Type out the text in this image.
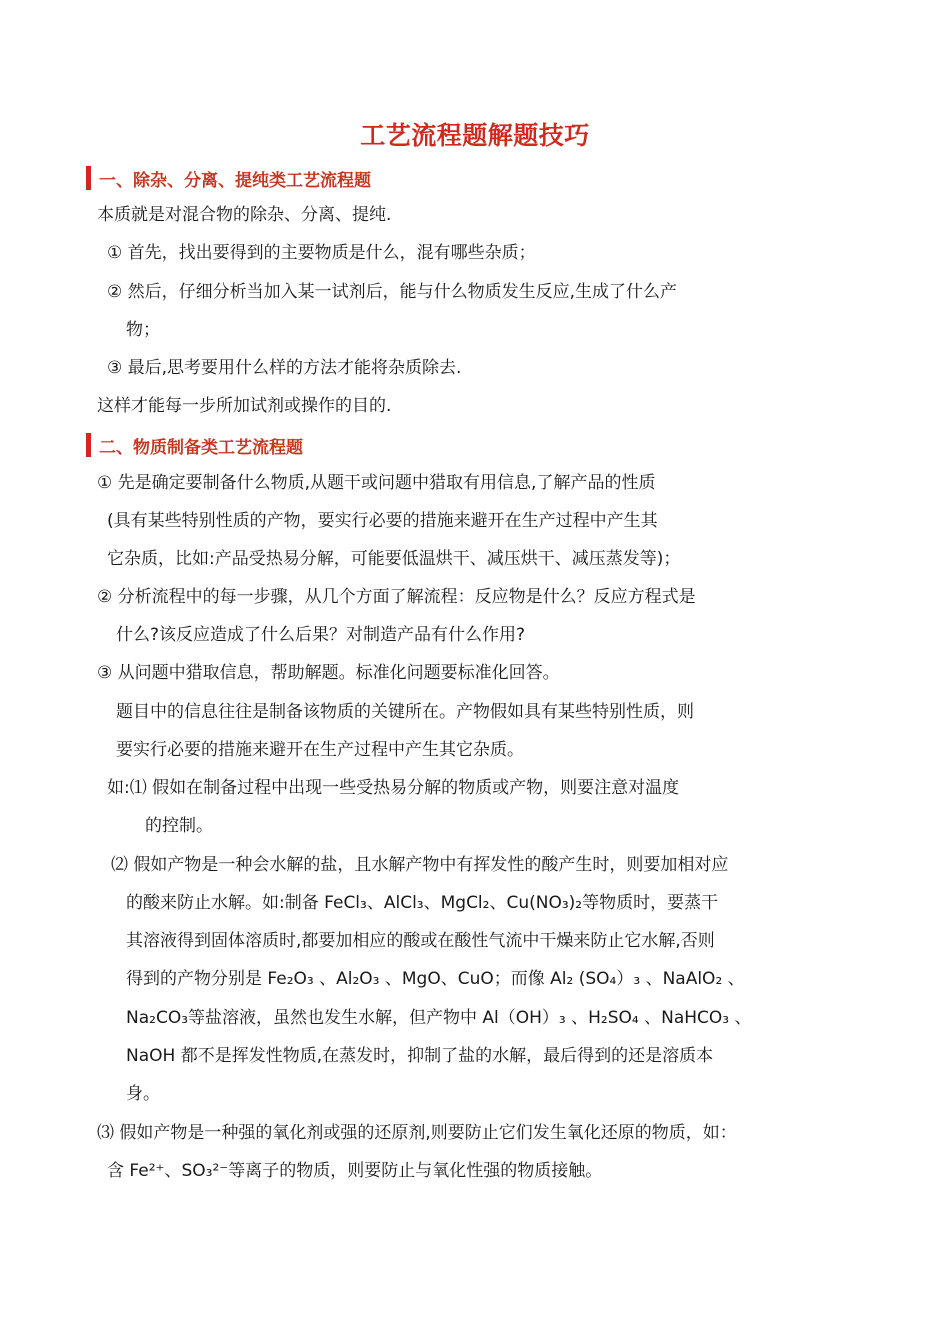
工艺流程题解题技巧
一、除杂、分离、提纯类工艺流程题
本质就是对混合物的除杂、分离、提纯.
① 首先，找出要得到的主要物质是什么，混有哪些杂质；
② 然后，仔细分析当加入某一试剂后，能与什么物质发生反应,生成了什么产
物；
③ 最后,思考要用什么样的方法才能将杂质除去.
这样才能每一步所加试剂或操作的目的.
二、物质制备类工艺流程题
① 先是确定要制备什么物质,从题干或问题中猎取有用信息,了解产品的性质
(具有某些特别性质的产物，要实行必要的措施来避开在生产过程中产生其
它杂质，比如:产品受热易分解，可能要低温烘干、减压烘干、减压蒸发等)；
② 分析流程中的每一步骤，从几个方面了解流程：反应物是什么？反应方程式是
什么?该反应造成了什么后果？对制造产品有什么作用?
③ 从问题中猎取信息，帮助解题。标准化问题要标准化回答。
题目中的信息往往是制备该物质的关键所在。产物假如具有某些特别性质，则
要实行必要的措施来避开在生产过程中产生其它杂质。
如:⑴ 假如在制备过程中出现一些受热易分解的物质或产物，则要注意对温度
的控制。
⑵ 假如产物是一种会水解的盐，且水解产物中有挥发性的酸产生时，则要加相对应
的酸来防止水解。如:制备 FeCl₃、AlCl₃、MgCl₂、Cu(NO₃)₂等物质时，要蒸干
其溶液得到固体溶质时,都要加相应的酸或在酸性气流中干燥来防止它水解,否则
得到的产物分别是 Fe₂O₃ 、Al₂O₃ 、MgO、CuO；而像 Al₂ (SO₄）₃ 、NaAlO₂ 、
Na₂CO₃等盐溶液，虽然也发生水解，但产物中 Al（OH）₃ 、H₂SO₄ 、NaHCO₃ 、
NaOH 都不是挥发性物质,在蒸发时，抑制了盐的水解，最后得到的还是溶质本
身。
⑶ 假如产物是一种强的氧化剂或强的还原剂,则要防止它们发生氧化还原的物质，如：
含 Fe²⁺、SO₃²⁻等离子的物质，则要防止与氧化性强的物质接触。
